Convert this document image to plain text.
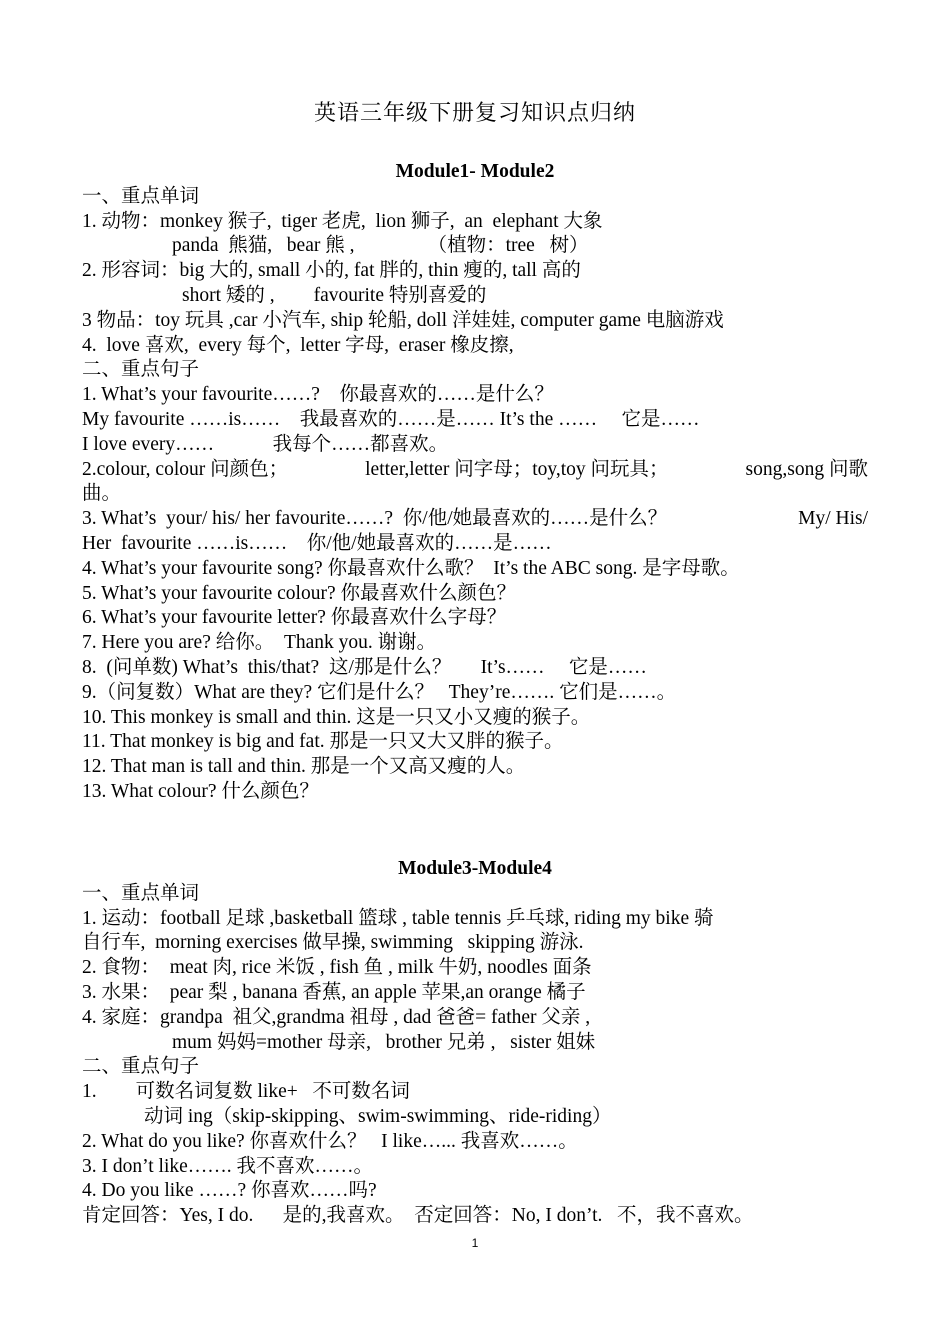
英语三年级下册复习知识点归纳
Module1- Module2
一、重点单词
1. 动物：monkey 猴子,  tiger 老虎,  lion 狮子,  an  elephant 大象
panda  熊猫,   bear 熊 ,               （植物：tree   树）
2. 形容词：big 大的, small 小的, fat 胖的, thin 瘦的, tall 高的
short 矮的 ,        favourite 特别喜爱的
3 物品：toy 玩具 ,car 小汽车, ship 轮船, doll 洋娃娃, computer game 电脑游戏
4.  love 喜欢,  every 每个,  letter 字母,  eraser 橡皮擦,
二、重点句子
1. What’s your favourite……?    你最喜欢的……是什么？
My favourite ……is……    我最喜欢的……是…… It’s the ……     它是……
I love every……            我每个……都喜欢。
2.colour, colour 问颜色；	letter,letter 问字母；toy,toy 问玩具；	song,song 问歌
曲。
3. What’s  your/ his/ her favourite……?  你/他/她最喜欢的……是什么？	My/ His/
Her  favourite ……is……    你/他/她最喜欢的……是……
4. What’s your favourite song? 你最喜欢什么歌？  It’s the ABC song. 是字母歌。
5. What’s your favourite colour? 你最喜欢什么颜色？
6. What’s your favourite letter? 你最喜欢什么字母？
7. Here you are? 给你。  Thank you. 谢谢。
8.  (问单数) What’s  this/that?  这/那是什么？      It’s……     它是……
9.（问复数）What are they? 它们是什么？   They’re……. 它们是……。
10. This monkey is small and thin. 这是一只又小又瘦的猴子。
11. That monkey is big and fat. 那是一只又大又胖的猴子。
12. That man is tall and thin. 那是一个又高又瘦的人。
13. What colour? 什么颜色？
Module3-Module4
一、重点单词
1. 运动：football 足球 ,basketball 篮球 , table tennis 乒乓球, riding my bike 骑
自行车,  morning exercises 做早操, swimming   skipping 游泳.
2. 食物：  meat 肉, rice 米饭 , fish 鱼 , milk 牛奶, noodles 面条
3. 水果：  pear 梨 , banana 香蕉, an apple 苹果,an orange 橘子
4. 家庭：grandpa  祖父,grandma 祖母 , dad 爸爸= father 父亲 ,
mum 妈妈=mother 母亲,   brother 兄弟 ,   sister 姐妹
二、重点句子
1.        可数名词复数 like+   不可数名词
动词 ing（skip-skipping、swim-swimming、ride-riding）
2. What do you like? 你喜欢什么？   I like…... 我喜欢……。
3. I don’t like……. 我不喜欢……。
4. Do you like ……? 你喜欢……吗?
肯定回答：Yes, I do.      是的,我喜欢。  否定回答：No, I don’t.   不，我不喜欢。
1
